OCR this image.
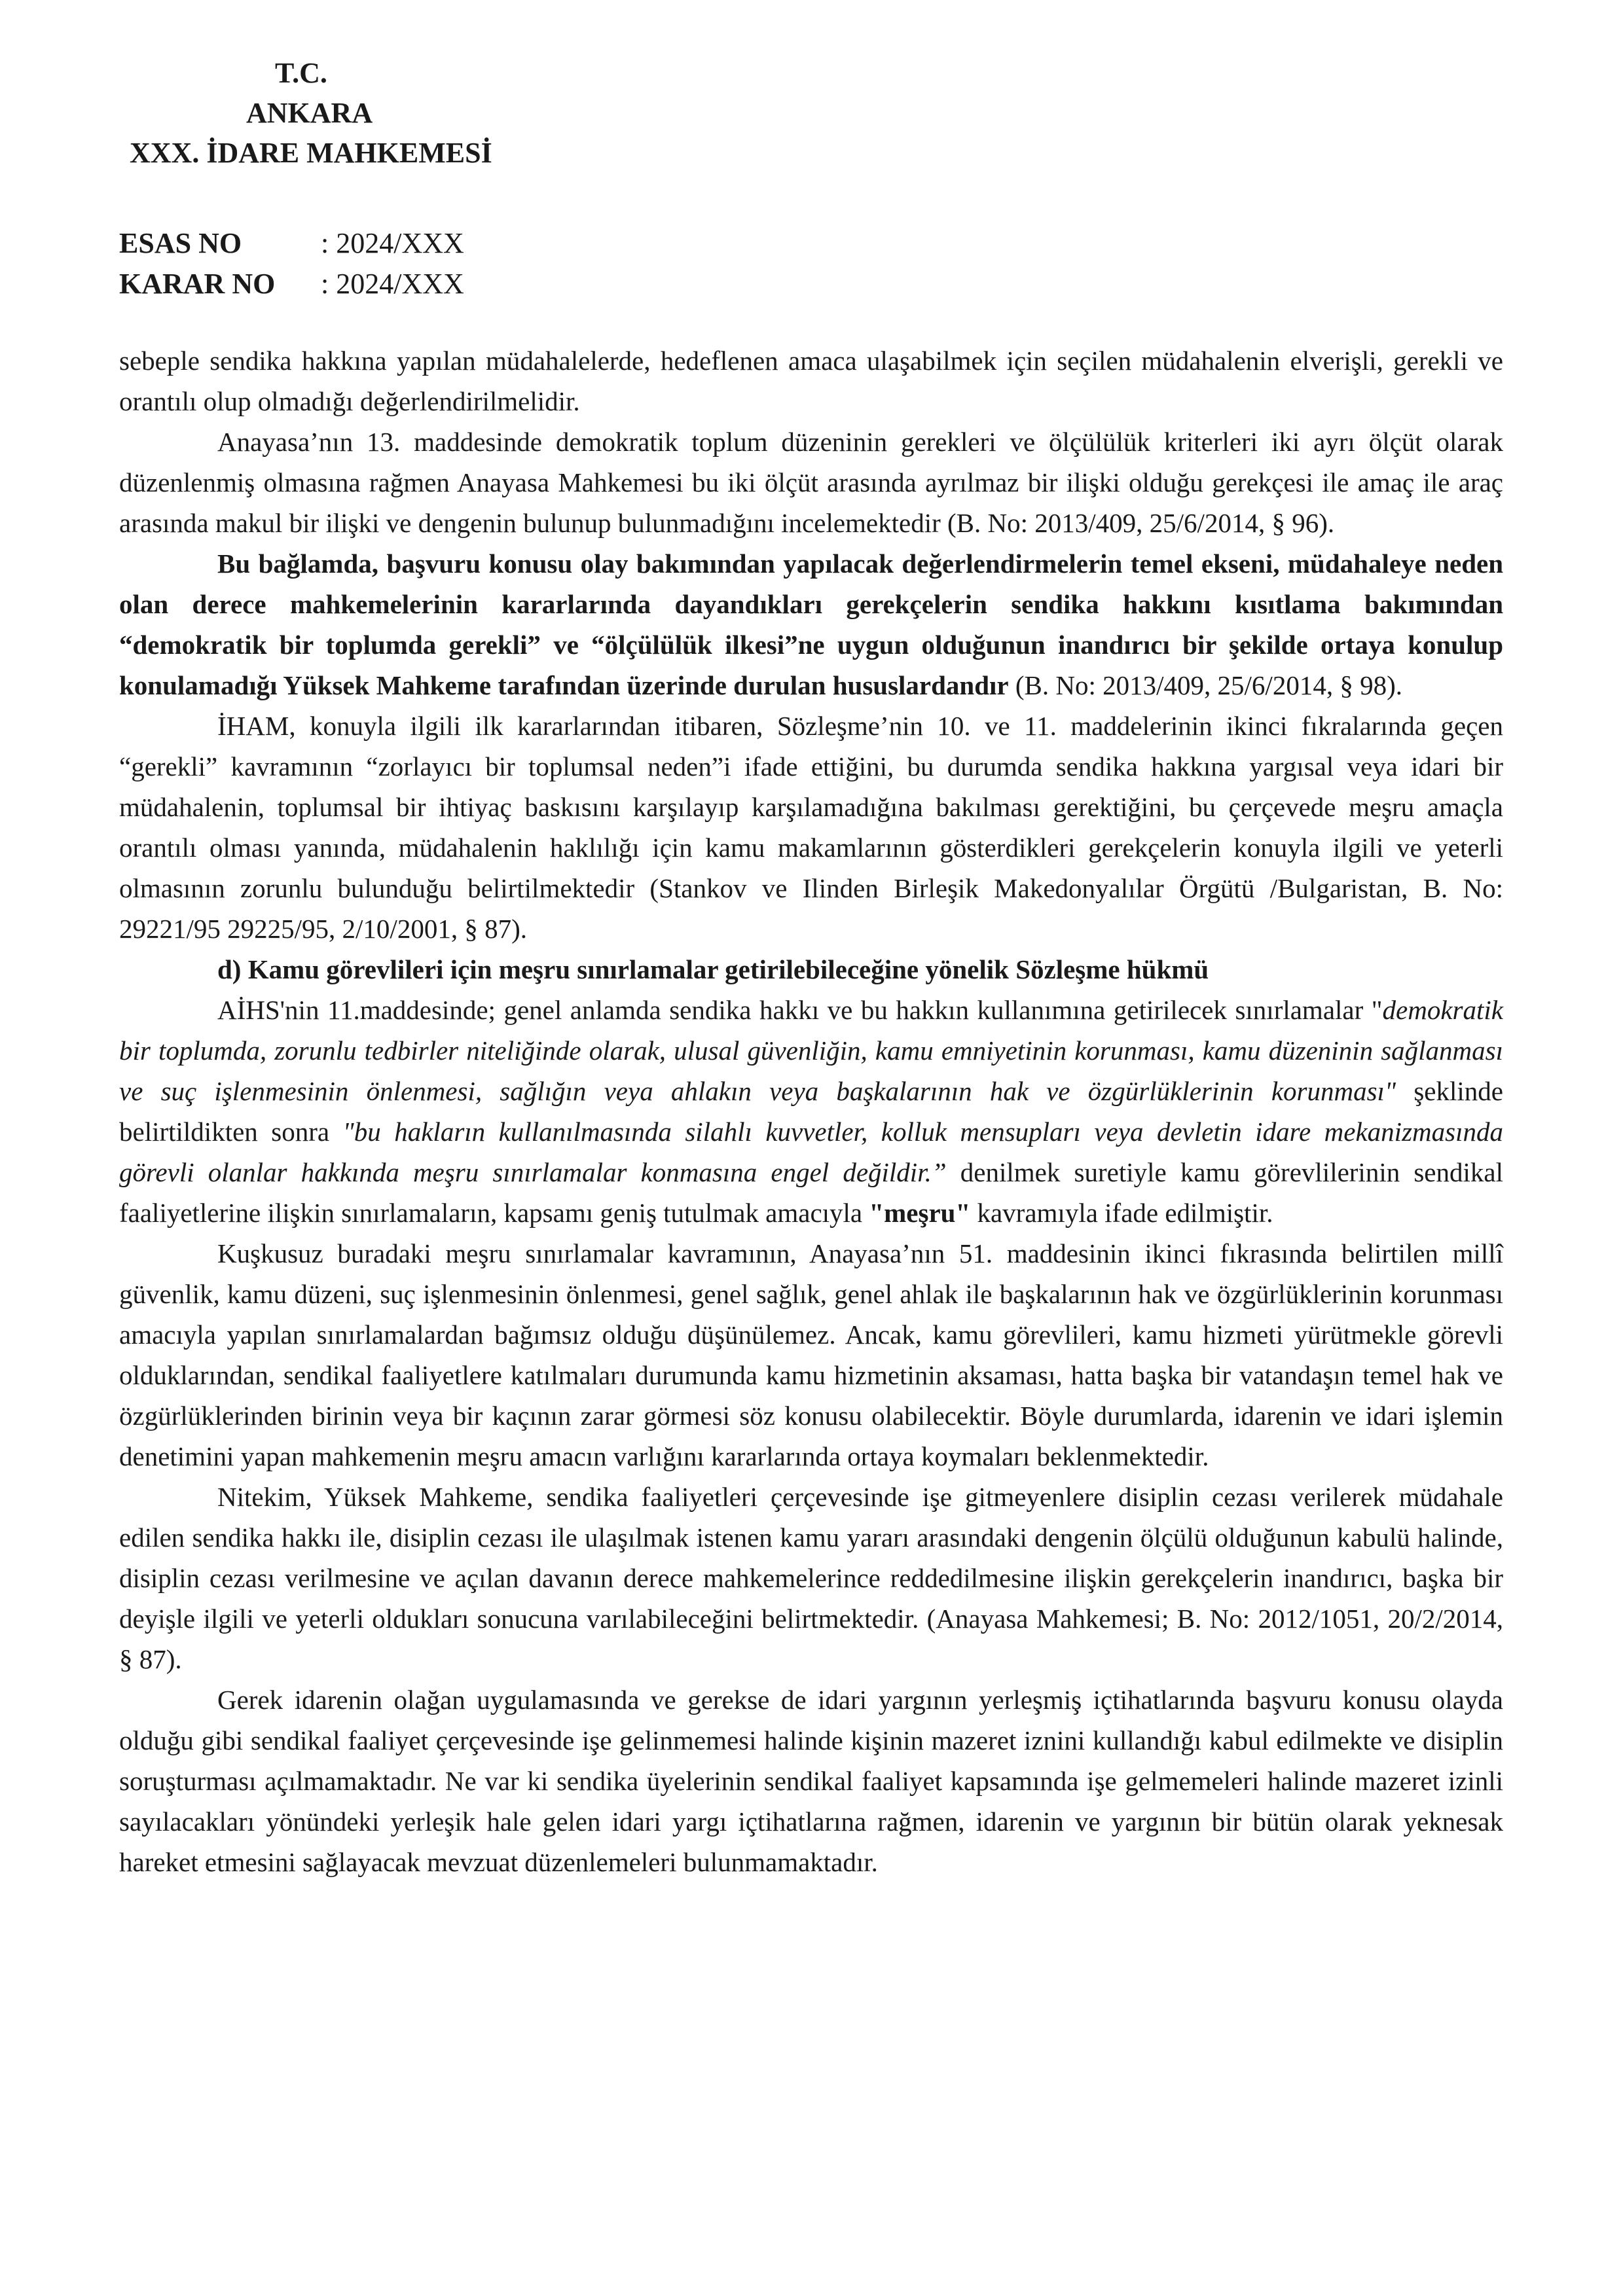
T.C.
ANKARA
XXX. İDARE MAHKEMESİ
ESAS NO	: 2024/XXX
KARAR NO : 2024/XXX

sebeple sendika hakkına yapılan müdahalelerde, hedeflenen amaca ulaşabilmek için seçilen müdahalenin elverişli, gerekli ve orantılı olup olmadığı değerlendirilmelidir.

Anayasa’nın 13. maddesinde demokratik toplum düzeninin gerekleri ve ölçülülük kriterleri iki ayrı ölçüt olarak düzenlenmiş olmasına rağmen Anayasa Mahkemesi bu iki ölçüt arasında ayrılmaz bir ilişki olduğu gerekçesi ile amaç ile araç arasında makul bir ilişki ve dengenin bulunup bulunmadığını incelemektedir (B. No: 2013/409, 25/6/2014, § 96).

Bu bağlamda, başvuru konusu olay bakımından yapılacak değerlendirmelerin temel ekseni, müdahaleye neden olan derece mahkemelerinin kararlarında dayandıkları gerekçelerin sendika hakkını kısıtlama bakımından “demokratik bir toplumda gerekli” ve “ölçülülük ilkesi”ne uygun olduğunun inandırıcı bir şekilde ortaya konulup konulamadığı Yüksek Mahkeme tarafından üzerinde durulan hususlardandır (B. No: 2013/409, 25/6/2014, § 98).

İHAM, konuyla ilgili ilk kararlarından itibaren, Sözleşme’nin 10. ve 11. maddelerinin ikinci fıkralarında geçen “gerekli” kavramının “zorlayıcı bir toplumsal neden”i ifade ettiğini, bu durumda sendika hakkına yargısal veya idari bir müdahalenin, toplumsal bir ihtiyaç baskısını karşılayıp karşılamadığına bakılması gerektiğini, bu çerçevede meşru amaçla orantılı olması yanında, müdahalenin haklılığı için kamu makamlarının gösterdikleri gerekçelerin konuyla ilgili ve yeterli olmasının zorunlu bulunduğu belirtilmektedir (Stankov ve Ilinden Birleşik Makedonyalılar Örgütü /Bulgaristan, B. No: 29221/95 29225/95, 2/10/2001, § 87).

d) Kamu görevlileri için meşru sınırlamalar getirilebileceğine yönelik Sözleşme hükmü

AİHS'nin 11.maddesinde; genel anlamda sendika hakkı ve bu hakkın kullanımına getirilecek sınırlamalar "demokratik bir toplumda, zorunlu tedbirler niteliğinde olarak, ulusal güvenliğin, kamu emniyetinin korunması, kamu düzeninin sağlanması ve suç işlenmesinin önlenmesi, sağlığın veya ahlakın veya başkalarının hak ve özgürlüklerinin korunması" şeklinde belirtildikten sonra "bu hakların kullanılmasında silahlı kuvvetler, kolluk mensupları veya devletin idare mekanizmasında görevli olanlar hakkında meşru sınırlamalar konmasına engel değildir.” denilmek suretiyle kamu görevlilerinin sendikal faaliyetlerine ilişkin sınırlamaların, kapsamı geniş tutulmak amacıyla "meşru" kavramıyla ifade edilmiştir.

Kuşkusuz buradaki meşru sınırlamalar kavramının, Anayasa’nın 51. maddesinin ikinci fıkrasında belirtilen millî güvenlik, kamu düzeni, suç işlenmesinin önlenmesi, genel sağlık, genel ahlak ile başkalarının hak ve özgürlüklerinin korunması amacıyla yapılan sınırlamalardan bağımsız olduğu düşünülemez. Ancak, kamu görevlileri, kamu hizmeti yürütmekle görevli olduklarından, sendikal faaliyetlere katılmaları durumunda kamu hizmetinin aksaması, hatta başka bir vatandaşın temel hak ve özgürlüklerinden birinin veya bir kaçının zarar görmesi söz konusu olabilecektir. Böyle durumlarda, idarenin ve idari işlemin denetimini yapan mahkemenin meşru amacın varlığını kararlarında ortaya koymaları beklenmektedir.

Nitekim, Yüksek Mahkeme, sendika faaliyetleri çerçevesinde işe gitmeyenlere disiplin cezası verilerek müdahale edilen sendika hakkı ile, disiplin cezası ile ulaşılmak istenen kamu yararı arasındaki dengenin ölçülü olduğunun kabulü halinde, disiplin cezası verilmesine ve açılan davanın derece mahkemelerince reddedilmesine ilişkin gerekçelerin inandırıcı, başka bir deyişle ilgili ve yeterli oldukları sonucuna varılabileceğini belirtmektedir. (Anayasa Mahkemesi; B. No: 2012/1051, 20/2/2014, § 87).

Gerek idarenin olağan uygulamasında ve gerekse de idari yargının yerleşmiş içtihatlarında başvuru konusu olayda olduğu gibi sendikal faaliyet çerçevesinde işe gelinmemesi halinde kişinin mazeret iznini kullandığı kabul edilmekte ve disiplin soruşturması açılmamaktadır. Ne var ki sendika üyelerinin sendikal faaliyet kapsamında işe gelmemeleri halinde mazeret izinli sayılacakları yönündeki yerleşik hale gelen idari yargı içtihatlarına rağmen, idarenin ve yargının bir bütün olarak yeknesak hareket etmesini sağlayacak mevzuat düzenlemeleri bulunmamaktadır.
